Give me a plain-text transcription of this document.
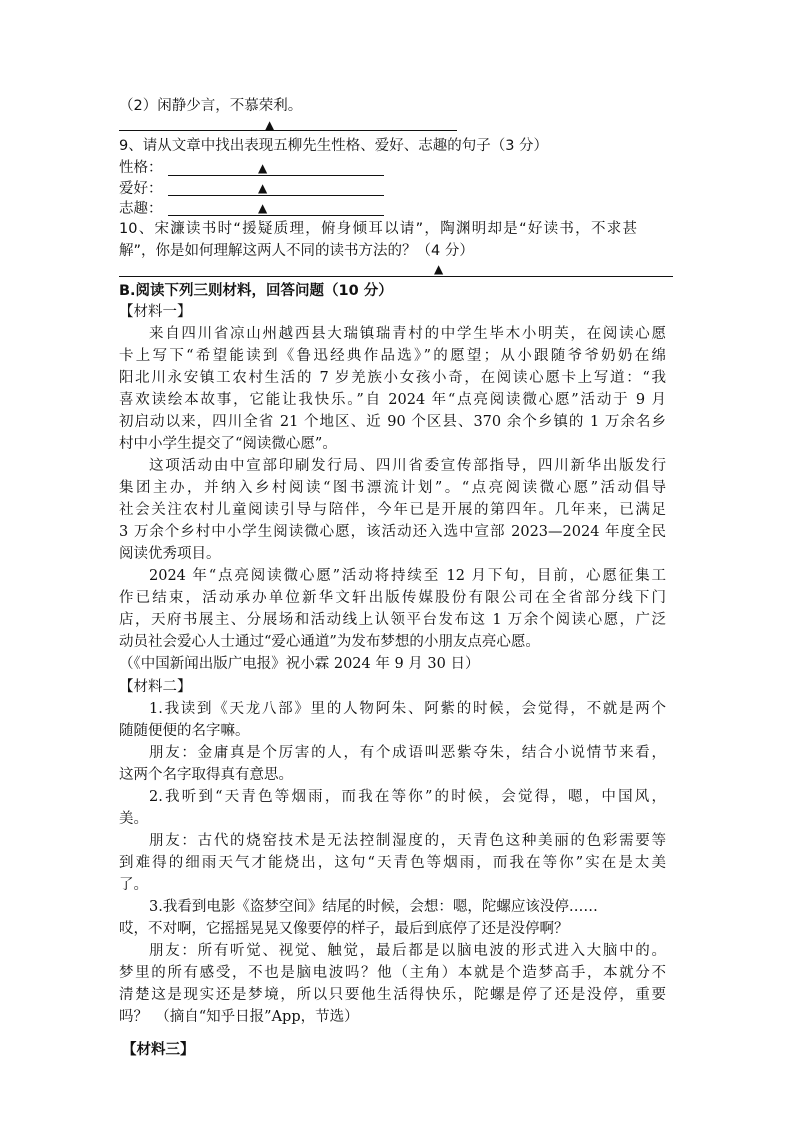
（2）闲静少言，不慕荣利。
▲
9、请从文章中找出表现五柳先生性格、爱好、志趣的句子（3 分）
性格：	▲
爱好：	▲
志趣：	▲
10、宋濂读书时“援疑质理，俯身倾耳以请”，陶渊明却是“好读书，不求甚
解”，你是如何理解这两人不同的读书方法的？（4 分）
▲
B.阅读下列三则材料，回答问题（10 分）
【材料一】
来自四川省凉山州越西县大瑞镇瑞青村的中学生毕木小明芙，在阅读心愿
卡上写下“希望能读到《鲁迅经典作品选》”的愿望；从小跟随爷爷奶奶在绵
阳北川永安镇工农村生活的 7 岁羌族小女孩小奇，在阅读心愿卡上写道：“我
喜欢读绘本故事，它能让我快乐。”自 2024 年“点亮阅读微心愿”活动于 9 月
初启动以来，四川全省 21 个地区、近 90 个区县、370 余个乡镇的 1 万余名乡
村中小学生提交了“阅读微心愿”。
这项活动由中宣部印刷发行局、四川省委宣传部指导，四川新华出版发行
集团主办，并纳入乡村阅读“图书漂流计划”。“点亮阅读微心愿”活动倡导
社会关注农村儿童阅读引导与陪伴，今年已是开展的第四年。几年来，已满足
3 万余个乡村中小学生阅读微心愿，该活动还入选中宣部 2023—2024 年度全民
阅读优秀项目。
2024 年“点亮阅读微心愿”活动将持续至 12 月下旬，目前，心愿征集工
作已结束，活动承办单位新华文轩出版传媒股份有限公司在全省部分线下门
店，天府书展主、分展场和活动线上认领平台发布这 1 万余个阅读心愿，广泛
动员社会爱心人士通过“爱心通道”为发布梦想的小朋友点亮心愿。
（《中国新闻出版广电报》祝小霖 2024 年 9 月 30 日）
【材料二】
1.我读到《天龙八部》里的人物阿朱、阿紫的时候，会觉得，不就是两个
随随便便的名字嘛。
朋友：金庸真是个厉害的人，有个成语叫恶紫夺朱，结合小说情节来看，
这两个名字取得真有意思。
2.我听到“天青色等烟雨，而我在等你”的时候，会觉得，嗯，中国风，
美。
朋友：古代的烧窑技术是无法控制湿度的，天青色这种美丽的色彩需要等
到难得的细雨天气才能烧出，这句“天青色等烟雨，而我在等你”实在是太美
了。
3.我看到电影《盗梦空间》结尾的时候，会想：嗯，陀螺应该没停……
哎，不对啊，它摇摇晃晃又像要停的样子，最后到底停了还是没停啊？
朋友：所有听觉、视觉、触觉，最后都是以脑电波的形式进入大脑中的。
梦里的所有感受，不也是脑电波吗？他（主角）本就是个造梦高手，本就分不
清楚这是现实还是梦境，所以只要他生活得快乐，陀螺是停了还是没停，重要
吗？　（摘自“知乎日报”App，节选）
【材料三】
